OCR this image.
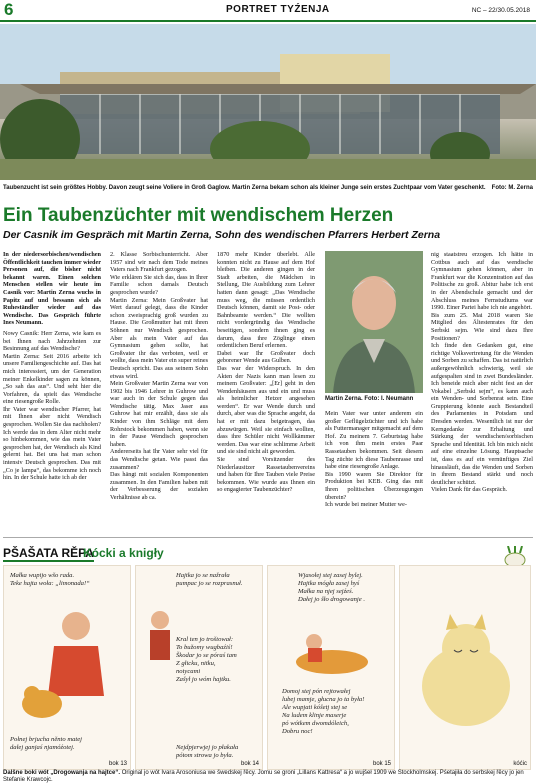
6	PORTRET TYŹENJA	NC – 22/30.05.2018
Taubenzucht ist sein größtes Hobby. Davon zeugt seine Voliere in Groß Gaglow. Martin Zerna bekam schon als kleiner Junge sein erstes Zuchtpaar vom Vater geschenkt. Foto: M. Zerna
Ein Taubenzüchter mit wendischem Herzen
Der Casnik im Gespräch mit Martin Zerna, Sohn des wendischen Pfarrers Herbert Zerna

In der niedersorbischen/wendischen Öffentlichkeit tauchen immer wieder Personen auf, die bisher nicht bekannt waren. Einen solchen Menschen stellen wir heute im Casnik vor: Martin Zerna wuchs in Papitz auf und bessann sich als Ruheständler wieder auf das Wendische. Das Gespräch führte Ines Neumann.

Nowy Casnik: Herr Zerna, wie kam es bei Ihnen nach Jahrzehnten zur Besinnung auf das Wendische?
Martin Zerna: Seit 2016 arbeite ich unsere Familiengeschichte auf. Das hat mich interessiert, um der Generation meiner Enkelkinder sagen zu können, „So sah das aus“. Und seht hier die Vorfahren, da spielt das Wendische eine riesengroße Rolle.
Ihr Vater war wendischer Pfarrer, hat mit Ihnen aber nicht Wendisch gesprochen. Wollen Sie das nachholen?
Ich werde das in dem Alter nicht mehr so hinbekommen, wie das mein Vater gesprochen hat, der Wendisch als Kind gelernt hat. Bei uns hat man schon intensiv Deutsch gesprochen. Das mit „Co je lampa“, das bekomme ich noch hin. In der Schule hatte ich ab der

2. Klasse Sorbischunterricht. Aber 1957 sind wir nach dem Tode meines Vaters nach Frankfurt gezogen.
Wie erklären Sie sich das, dass in Ihrer Familie schon damals Deutsch gesprochen wurde?
Martin Zerna: Mein Großvater hat Wert darauf gelegt, dass die Kinder schon zweisprachig groß wurden zu Hause. Die Großmutter hat mit ihren Söhnen nur Wendisch gesprochen. Aber als mein Vater auf das Gymnasium gehen sollte, hat Großvater ihr das verboten, weil er wollte, dass mein Vater ein super reines Deutsch spricht. Das aus seinem Sohn etwas wird.
Mein Großvater Martin Zerna war von 1902 bis 1946 Lehrer in Guhrow und war auch in der Schule gegen das Wendische tätig. Max Jaser aus Guhrow hat mir erzählt, dass sie als Kinder von ihm Schläge mit dem Rohrstock bekommen haben, wenn sie in der Pause Wendisch gesprochen haben.
Andererseits hat Ihr Vater sehr viel für das Wendische getan. Wie passt das zusammen?
Das hängt mit sozialen Komponenten zusammen. In den Familien haben mit der Verbesserung der sozialen Verhältnisse ab ca.

1870 mehr Kinder überlebt. Alle konnten nicht zu Hause auf dem Hof bleiben. Die anderen gingen in der Stadt arbeiten, die Mädchen in Stellung, Die Ausbildung zum Lehrer hatten dann gesagt: „Das Wendische muss weg, die müssen ordentlich Deutsch können, damit sie Post- oder Bahnbeamte werden.“ Die wollten nicht vordergründig das Wendische beseitigen, sondern ihnen ging es darum, dass ihre Zöglinge einen ordentlichen Beruf erlernen.
Dabei war Ihr Großvater doch geborener Wende aus Gulben.
Das war der Widerspruch. In den Akten der Nazis kann man lesen zu meinem Großvater: „[Er] geht in den Wendenhäusern aus und ein und muss als heimlicher Hetzer angesehen werden“. Er war Wende durch und durch, aber was die Sprache angeht, da hat er mit dazu beigetragen, das abzuwürgen. Weil sie einfach wollten, dass ihre Schüler nicht Wollkämmer werden. Das war eine schlimme Arbeit und sie sind nicht alt geworden.
Sie sind Vorsitzender des Niederlausitzer Rassetaubenvereins und haben für Ihre Tauben viele Preise bekommen. Wie wurde aus Ihnen ein so engagierter Taubenzüchter?

Martin Zerna. Foto: I. Neumann

Mein Vater war unter anderem ein großer Geflügelzüchter und ich habe als Futtermanager mitgemacht auf dem Hof. Zu meinem 7. Geburtstag habe ich von ihm mein erstes Paar Rassetauben bekommen. Seit diesem Tag züchte ich diese Taubenrasse und habe eine riesengroße Anlage.
Bis 1990 waren Sie Direktor für Produktion bei KEB. Ging das mit Ihren politischen Überzeugungen überein?
Ich wurde bei meiner Mutter we-

nig staatstreu erzogen. Ich hätte in Cottbus auch auf das wendische Gymnasium gehen können, aber in Frankfurt war die Konzentration auf das Politische zu groß. Abitur habe ich erst in der Abendschule gemacht und der Abschluss meines Fernstudiums war 1990. Einer Partei habe ich nie angehört.
Bis zum 25. Mai 2018 waren Sie Mitglied des Ältestenrates für den Serbski sejm. Wie sind dazu Ihre Positionen?
Ich finde den Gedanken gut, eine richtige Volksvertretung für die Wenden und Sorben zu schaffen. Das ist natürlich außergewöhnlich schwierig, weil sie aufgespalten sind in zwei Bundesländer. Ich beneide mich aber nicht fest an der Vokabel „Serbski sejm“, es kann auch ein Wenden- und Sorbenrat sein. Eine Gruppierung könnte auch Bestandteil des Parlamentes in Potsdam und Dresden werden. Wesentlich ist nur der Kerngedanke zur Erhaltung und Stärkung der wendischen/sorbischen Sprache und Identität. Ich bin mich nicht auf eine einzelne Lösung. Hauptsache ist, dass es auf ein vernünftiges Ziel hinausläuft, das die Wenden und Sorben in ihrem Bestand stärkt und noch deutlicher schützt.
Vielen Dank für das Gespräch.

PŠAŠATA RĚPA
Kócki a knigły
Małka wupijo wšo rada.
Teke hajta woła: „limonada!“
Połnej brjucha něnto matej
dałej ganjaś njamóźotej.
bok 13
Hajtka jo se nažrała
pumpac jo se rozprasnuł.
Kral ten jo troštował:
To bužomy wugbaźiś!
Škodar jo se póraś tam
Z głicku, nitku,
notycami
Zašył jo wóm hajtku.
Nejdpjerwjej jo płakała
pótom strowa jo była.
bok 14
Wjasołej stej zasej bylej.
Hajtka mógła zasej hyś
Małka na njej sejźeś.
Dałej jo šło drogowanje .
Domoj stej pón rejtowałej
lubej mamje, głucna jo ta była!
Ale wupjati kóšetj stej se
Na ludem klinje maserje
pó wótkem dwomdóleich,
Dobru noc!
bok 15	kóćic
Dalšne boki wót „Drogowanja na hajtce“. Original jo wót Ivara Arosoniusa we šwedskej řěcy. Jomu se groni „Lillans Kattresa“ a jo wujšeł 1909 we Stockholmskej. Pśetajiła do serbskej řěcy jo jen Stefanie Krawcojc.
